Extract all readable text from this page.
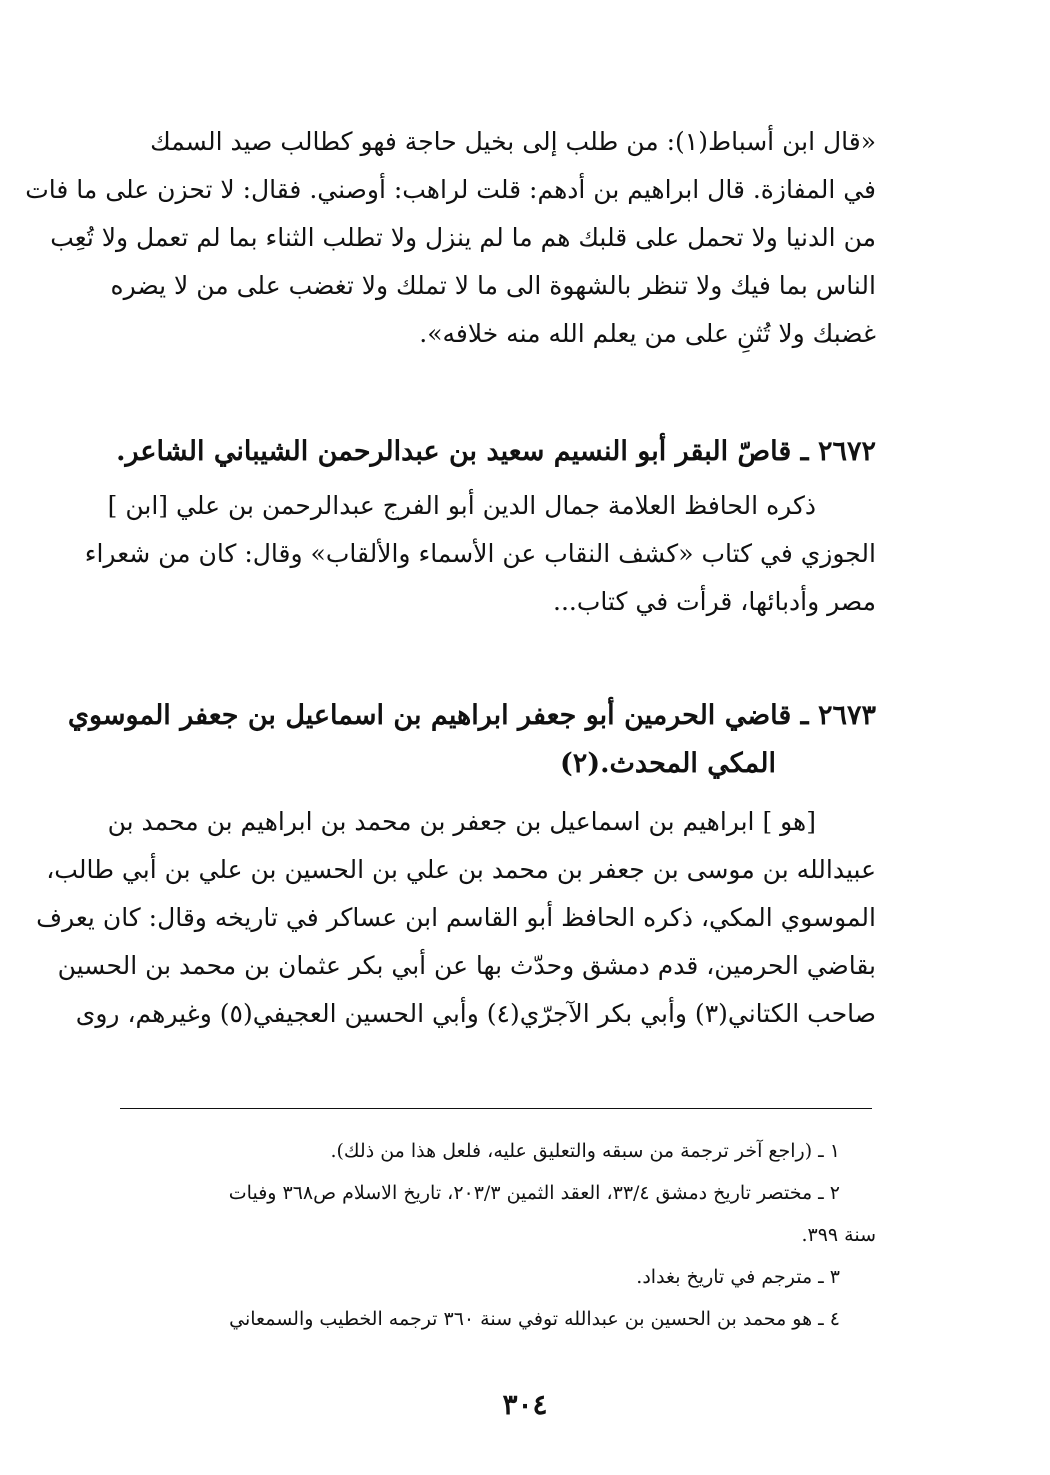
«قال ابن أسباط(١): من طلب إلى بخيل حاجة فهو كطالب صيد السمك
في المفازة. قال ابراهيم بن أدهم: قلت لراهب: أوصني. فقال: لا تحزن على ما فات
من الدنيا ولا تحمل على قلبك هم ما لم ينزل ولا تطلب الثناء بما لم تعمل ولا تُعِب
الناس بما فيك ولا تنظر بالشهوة الى ما لا تملك ولا تغضب على من لا يضره
غضبك ولا تُثنِ على من يعلم الله منه خلافه».
٢٦٧٢ ـ قاصّ البقر أبو النسيم سعيد بن عبدالرحمن الشيباني الشاعر.
ذكره الحافظ العلامة جمال الدين أبو الفرج عبدالرحمن بن علي [ابن ]
الجوزي في كتاب «كشف النقاب عن الأسماء والألقاب» وقال: كان من شعراء
مصر وأدبائها، قرأت في كتاب...
٢٦٧٣ ـ قاضي الحرمين أبو جعفر ابراهيم بن اسماعيل بن جعفر الموسوي
المكي المحدث.(٢)
[هو ] ابراهيم بن اسماعيل بن جعفر بن محمد بن ابراهيم بن محمد بن
عبيدالله بن موسى بن جعفر بن محمد بن علي بن الحسين بن علي بن أبي طالب،
الموسوي المكي، ذكره الحافظ أبو القاسم ابن عساكر في تاريخه وقال: كان يعرف
بقاضي الحرمين، قدم دمشق وحدّث بها عن أبي بكر عثمان بن محمد بن الحسين
صاحب الكتاني(٣) وأبي بكر الآجرّي(٤) وأبي الحسين العجيفي(٥) وغيرهم، روى
١ ـ (راجع آخر ترجمة من سبقه والتعليق عليه، فلعل هذا من ذلك).
٢ ـ مختصر تاريخ دمشق ٣٣/٤، العقد الثمين ٢٠٣/٣، تاريخ الاسلام ص٣٦٨ وفيات
سنة ٣٩٩.
٣ ـ مترجم في تاريخ بغداد.
٤ ـ هو محمد بن الحسين بن عبدالله توفي سنة ٣٦٠ ترجمه الخطيب والسمعاني
٣٠٤
